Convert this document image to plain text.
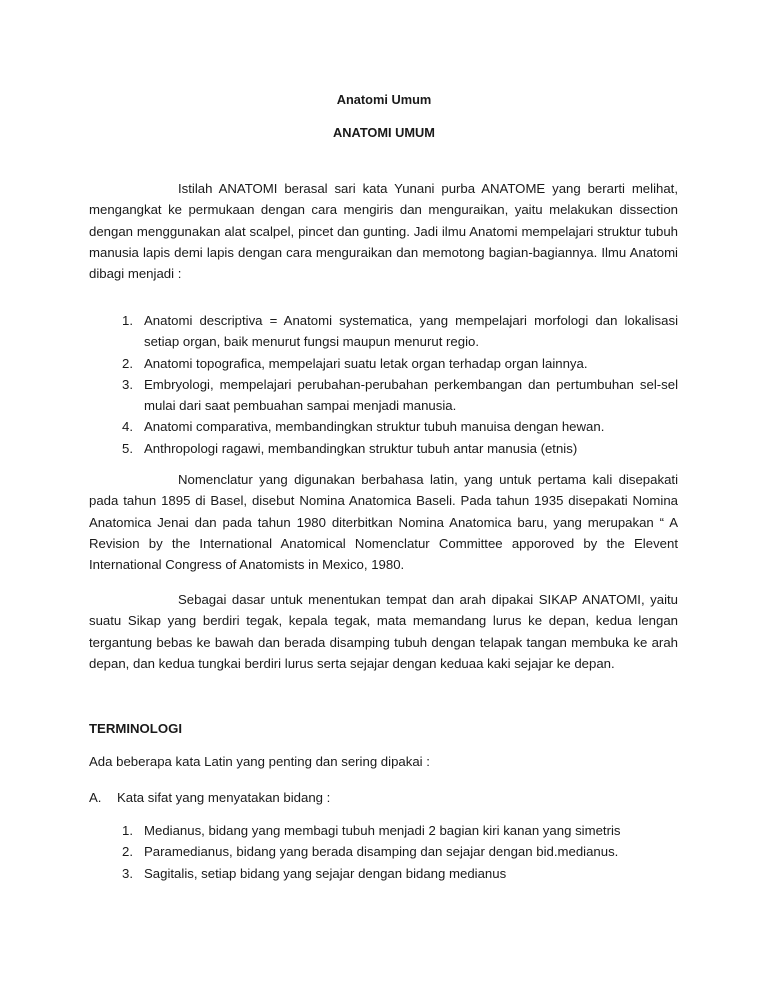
Anatomi Umum
ANATOMI UMUM

Istilah ANATOMI berasal sari kata Yunani purba ANATOME yang berarti melihat, mengangkat ke permukaan dengan cara mengiris dan menguraikan, yaitu melakukan dissection dengan menggunakan alat scalpel, pincet dan gunting. Jadi ilmu Anatomi mempelajari struktur tubuh manusia lapis demi lapis dengan cara menguraikan dan memotong bagian-bagiannya. Ilmu Anatomi dibagi menjadi :

1. Anatomi descriptiva = Anatomi systematica, yang mempelajari morfologi dan lokalisasi setiap organ, baik menurut fungsi maupun menurut regio.
2. Anatomi topografica, mempelajari suatu letak organ terhadap organ lainnya.
3. Embryologi, mempelajari perubahan-perubahan perkembangan dan pertumbuhan sel-sel mulai dari saat pembuahan sampai menjadi manusia.
4. Anatomi comparativa, membandingkan struktur tubuh manuisa dengan hewan.
5. Anthropologi ragawi, membandingkan struktur tubuh antar manusia (etnis)

Nomenclatur yang digunakan berbahasa latin, yang untuk pertama kali disepakati pada tahun 1895 di Basel, disebut Nomina Anatomica Baseli. Pada tahun 1935 disepakati Nomina Anatomica Jenai dan pada tahun 1980 diterbitkan Nomina Anatomica baru, yang merupakan “ A Revision by the International Anatomical Nomenclatur Committee apporoved by the Elevent International Congress of Anatomists in Mexico, 1980.

Sebagai dasar untuk menentukan tempat dan arah dipakai SIKAP ANATOMI, yaitu suatu Sikap yang berdiri tegak, kepala tegak, mata memandang lurus ke depan, kedua lengan tergantung bebas ke bawah dan berada disamping tubuh dengan telapak tangan membuka ke arah depan, dan kedua tungkai berdiri lurus serta sejajar dengan keduaa kaki sejajar ke depan.

TERMINOLOGI
Ada beberapa kata Latin yang penting dan sering dipakai :
A. Kata sifat yang menyatakan bidang :
1. Medianus, bidang yang membagi tubuh menjadi 2 bagian kiri kanan yang simetris
2. Paramedianus, bidang yang berada disamping dan sejajar dengan bid.medianus.
3. Sagitalis, setiap bidang yang sejajar dengan bidang medianus
